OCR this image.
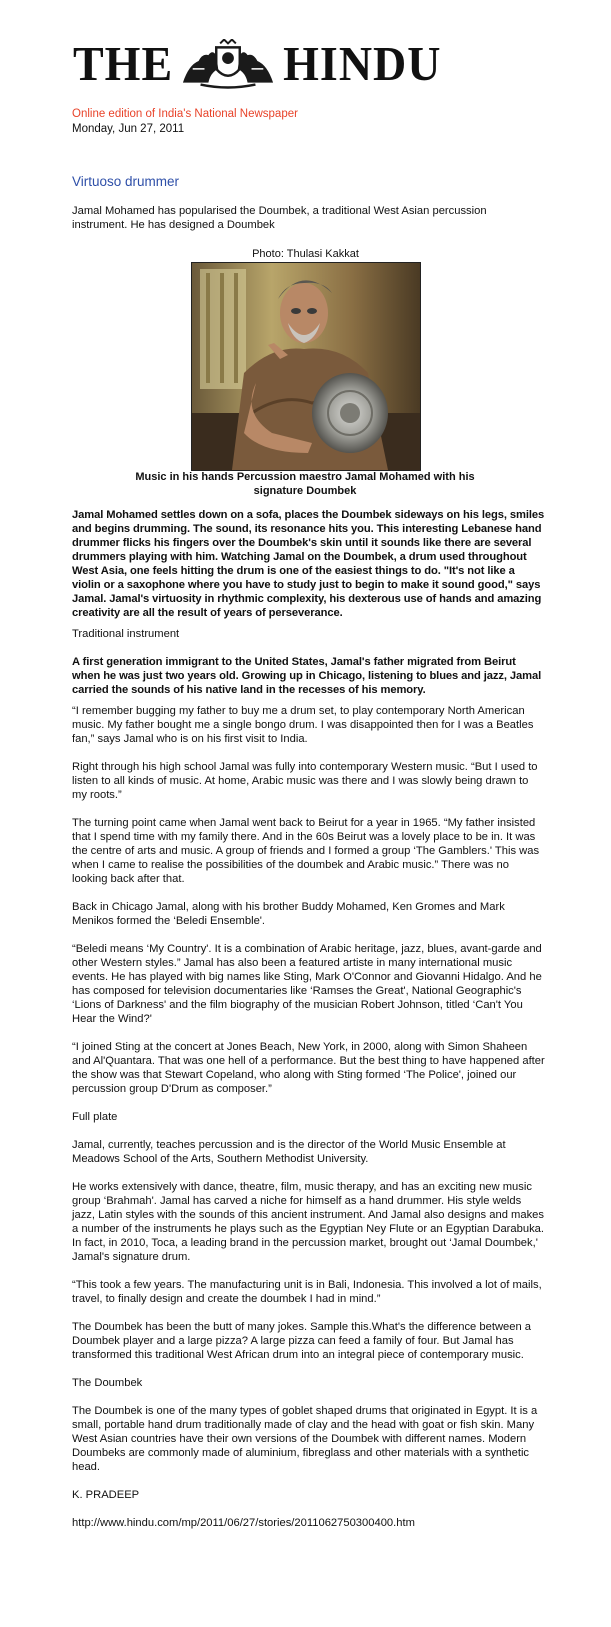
THE HINDU
Online edition of India's National Newspaper
Monday, Jun 27, 2011
Virtuoso drummer
Jamal Mohamed has popularised the Doumbek, a traditional West Asian percussion instrument. He has designed a Doumbek
Photo: Thulasi Kakkat
Music in his hands Percussion maestro Jamal Mohamed with his signature Doumbek

Jamal Mohamed settles down on a sofa, places the Doumbek sideways on his legs, smiles and begins drumming. The sound, its resonance hits you. This interesting Lebanese hand drummer flicks his fingers over the Doumbek's skin until it sounds like there are several drummers playing with him. Watching Jamal on the Doumbek, a drum used throughout West Asia, one feels hitting the drum is one of the easiest things to do. "It's not like a violin or a saxophone where you have to study just to begin to make it sound good," says Jamal. Jamal's virtuosity in rhythmic complexity, his dexterous use of hands and amazing creativity are all the result of years of perseverance.

Traditional instrument

A first generation immigrant to the United States, Jamal's father migrated from Beirut when he was just two years old. Growing up in Chicago, listening to blues and jazz, Jamal carried the sounds of his native land in the recesses of his memory.

“I remember bugging my father to buy me a drum set, to play contemporary North American music. My father bought me a single bongo drum. I was disappointed then for I was a Beatles fan,” says Jamal who is on his first visit to India.

Right through his high school Jamal was fully into contemporary Western music. “But I used to listen to all kinds of music. At home, Arabic music was there and I was slowly being drawn to my roots.”

The turning point came when Jamal went back to Beirut for a year in 1965. “My father insisted that I spend time with my family there. And in the 60s Beirut was a lovely place to be in. It was the centre of arts and music. A group of friends and I formed a group ‘The Gamblers.' This was when I came to realise the possibilities of the doumbek and Arabic music.” There was no looking back after that.

Back in Chicago Jamal, along with his brother Buddy Mohamed, Ken Gromes and Mark Menikos formed the ‘Beledi Ensemble'.

“Beledi means ‘My Country'. It is a combination of Arabic heritage, jazz, blues, avant-garde and other Western styles.” Jamal has also been a featured artiste in many international music events. He has played with big names like Sting, Mark O'Connor and Giovanni Hidalgo. And he has composed for television documentaries like ‘Ramses the Great', National Geographic's ‘Lions of Darkness' and the film biography of the musician Robert Johnson, titled ‘Can't You Hear the Wind?'

“I joined Sting at the concert at Jones Beach, New York, in 2000, along with Simon Shaheen and Al'Quantara. That was one hell of a performance. But the best thing to have happened after the show was that Stewart Copeland, who along with Sting formed ‘The Police', joined our percussion group D'Drum as composer.”

Full plate

Jamal, currently, teaches percussion and is the director of the World Music Ensemble at Meadows School of the Arts, Southern Methodist University.

He works extensively with dance, theatre, film, music therapy, and has an exciting new music group ‘Brahmah'. Jamal has carved a niche for himself as a hand drummer. His style welds jazz, Latin styles with the sounds of this ancient instrument. And Jamal also designs and makes a number of the instruments he plays such as the Egyptian Ney Flute or an Egyptian Darabuka. In fact, in 2010, Toca, a leading brand in the percussion market, brought out ‘Jamal Doumbek,' Jamal's signature drum.

“This took a few years. The manufacturing unit is in Bali, Indonesia. This involved a lot of mails, travel, to finally design and create the doumbek I had in mind.”

The Doumbek has been the butt of many jokes. Sample this.What's the difference between a Doumbek player and a large pizza? A large pizza can feed a family of four. But Jamal has transformed this traditional West African drum into an integral piece of contemporary music.

The Doumbek

The Doumbek is one of the many types of goblet shaped drums that originated in Egypt. It is a small, portable hand drum traditionally made of clay and the head with goat or fish skin. Many West Asian countries have their own versions of the Doumbek with different names. Modern Doumbeks are commonly made of aluminium, fibreglass and other materials with a synthetic head.

K. PRADEEP

http://www.hindu.com/mp/2011/06/27/stories/2011062750300400.htm
